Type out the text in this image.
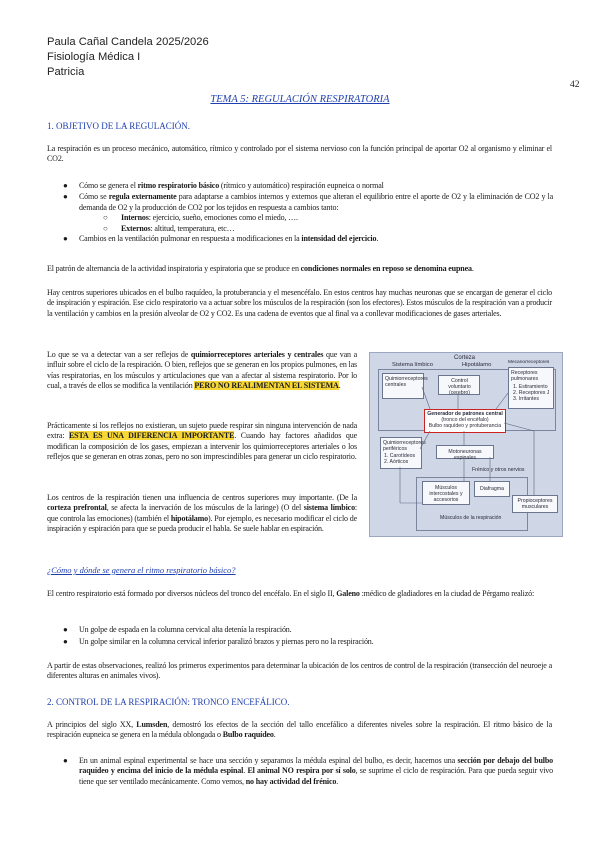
Paula Cañal Candela 2025/2026
Fisiología Médica I
Patricia
42
TEMA 5: REGULACIÓN RESPIRATORIA
1. OBJETIVO DE LA REGULACIÓN.
La respiración es un proceso mecánico, automático, rítmico y controlado por el sistema nervioso con la función principal de aportar O2 al organismo y eliminar el CO2.
● Cómo se genera el ritmo respiratorio básico (rítmico y automático) respiración eupneica o normal
● Cómo se regula externamente para adaptarse a cambios internos y externos que alteran el equilibrio entre el aporte de O2 y la eliminación de CO2 y la demanda de O2 y la producción de CO2 por los tejidos en respuesta a cambios tanto:
○ Internos: ejercicio, sueño, emociones como el miedo, ….
○ Externos: altitud, temperatura, etc…
● Cambios en la ventilación pulmonar en respuesta a modificaciones en la intensidad del ejercicio.
El patrón de alternancia de la actividad inspiratoria y espiratoria que se produce en condiciones normales en reposo se denomina eupnea.
Hay centros superiores ubicados en el bulbo raquídeo, la protuberancia y el mesencéfalo. En estos centros hay muchas neuronas que se encargan de generar el ciclo de inspiración y espiración. Ese ciclo respiratorio va a actuar sobre los músculos de la respiración (son los efectores). Estos músculos de la respiración van a producir la ventilación y cambios en la presión alveolar de O2 y CO2. Es una cadena de eventos que al final va a conllevar modificaciones de gases arteriales.
Lo que se va a detectar van a ser reflejos de quimiorreceptores arteriales y centrales que van a influir sobre el ciclo de la respiración. O bien, reflejos que se generan en los propios pulmones, en las vías respiratorias, en los músculos y articulaciones que van a afectar al sistema respiratorio. Por lo cual, a través de ellos se modifica la ventilación PERO NO REALIMENTAN EL SISTEMA.
Prácticamente si los reflejos no existieran, un sujeto puede respirar sin ninguna intervención de nada extra: ESTA ES UNA DIFERENCIA IMPORTANTE. Cuando hay factores añadidos que modifican la composición de los gases, empiezan a intervenir los quimiorreceptores arteriales o los reflejos que se generan en otras zonas, pero no son imprescindibles para generar un ciclo respiratorio.
Los centros de la respiración tienen una influencia de centros superiores muy importante. (De la corteza prefrontal, se afecta la inervación de los músculos de la laringe) (O del sistema límbico: que controla las emociones) (también el hipotálamo). Por ejemplo, es necesario modificar el ciclo de inspiración y espiración para que se pueda producir el habla. Se suele hablar en espiración.
Corteza
Sistema límbico	Hipotálamo	Mecanorreceptores
Quimiorreceptores centrales
Control voluntario (cerebro)
Receptores pulmonares
1. Estiramiento
2. Receptores J
3. Irritantes
Generador de patrones central
(tronco del encéfalo)
Bulbo raquídeo y protuberancia
Quimiorreceptores periféricos
1. Carotídeos
2. Aórticos
Motoneuronas espinales
Frénico y otros nervios
Músculos intercostales y accesorios
Diafragma
Músculos de la respiración
Propioceptores musculares
¿Cómo y dónde se genera el ritmo respiratorio básico?
El centro respiratorio está formado por diversos núcleos del tronco del encéfalo. En el siglo II, Galeno :médico de gladiadores en la ciudad de Pérgamo realizó:
● Un golpe de espada en la columna cervical alta detenía la respiración.
● Un golpe similar en la columna cervical inferior paralizó brazos y piernas pero no la respiración.
A partir de estas observaciones, realizó los primeros experimentos para determinar la ubicación de los centros de control de la respiración (transección del neuroeje a diferentes alturas en animales vivos).
2. CONTROL DE LA RESPIRACIÓN: TRONCO ENCEFÁLICO.
A principios del siglo XX, Lumsden, demostró los efectos de la sección del tallo encefálico a diferentes niveles sobre la respiración. El ritmo básico de la respiración eupneica se genera en la médula oblongada o Bulbo raquídeo.
● En un animal espinal experimental se hace una sección y separamos la médula espinal del bulbo, es decir, hacemos una sección por debajo del bulbo raquídeo y encima del inicio de la médula espinal. El animal NO respira por sí solo, se suprime el ciclo de respiración. Para que pueda seguir vivo tiene que ser ventilado mecánicamente. Como vemos, no hay actividad del frénico.
